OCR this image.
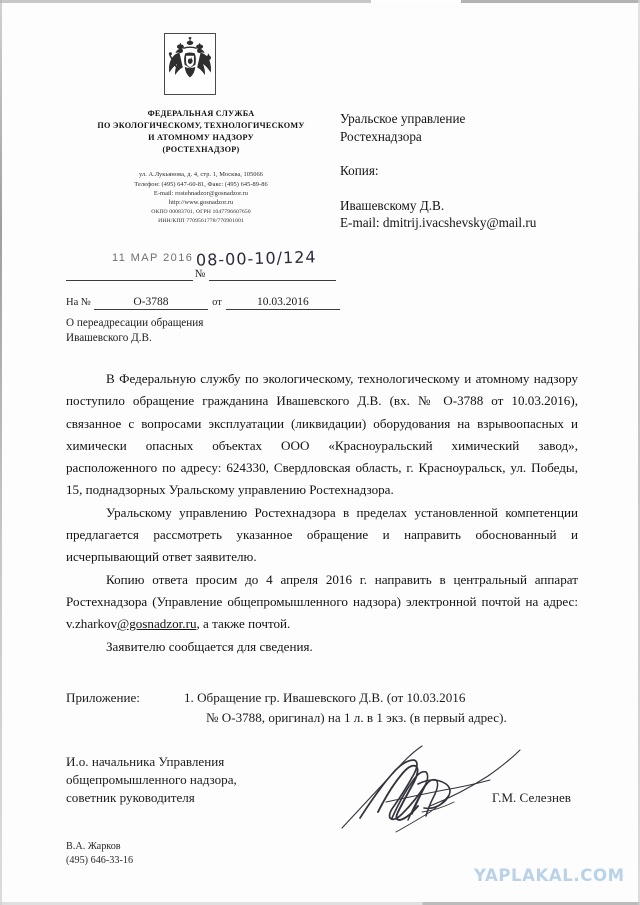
ФЕДЕРАЛЬНАЯ СЛУЖБА
ПО ЭКОЛОГИЧЕСКОМУ, ТЕХНОЛОГИЧЕСКОМУ
И АТОМНОМУ НАДЗОРУ
(РОСТЕХНАДЗОР)
ул. А.Лукьянова, д. 4, стр. 1, Москва, 105066
Телефон: (495) 647-60-81, Факс: (495) 645-89-86
E-mail: rostehnadzor@gosnadzor.ru
http://www.gosnadzor.ru
ОКПО 00083701, ОГРН 1047796607650
ИНН/КПП 7709561778/770901001
Уральское управление
Ростехнадзора
Копия:
Ивашевскому Д.В.
E-mail: dmitrij.ivacshevsky@mail.ru
11 МАР 2016
№
08-00-10/124
На №	О-3788	от	10.03.2016
О переадресации обращения
Ивашевского Д.В.

В Федеральную службу по экологическому, технологическому и атомному надзору поступило обращение гражданина Ивашевского Д.В. (вх. № О-3788 от 10.03.2016), связанное с вопросами эксплуатации (ликвидации) оборудования на взрывоопасных и химически опасных объектах ООО «Красноуральский химический завод», расположенного по адресу: 624330, Свердловская область, г. Красноуральск, ул. Победы, 15, поднадзорных Уральскому управлению Ростехнадзора.

Уральскому управлению Ростехнадзора в пределах установленной компетенции предлагается рассмотреть указанное обращение и направить обоснованный и исчерпывающий ответ заявителю.

Копию ответа просим до 4 апреля 2016 г. направить в центральный аппарат Ростехнадзора (Управление общепромышленного надзора) электронной почтой на адрес: v.zharkov@gosnadzor.ru, а также почтой.

Заявителю сообщается для сведения.

Приложение:	1. Обращение гр. Ивашевского Д.В. (от 10.03.2016
№ О-3788, оригинал) на 1 л. в 1 экз. (в первый адрес).
И.о. начальника Управления
общепромышленного надзора,
советник руководителя	Г.М. Селезнев
В.А. Жарков
(495) 646-33-16
YAPLAKAL.COM
